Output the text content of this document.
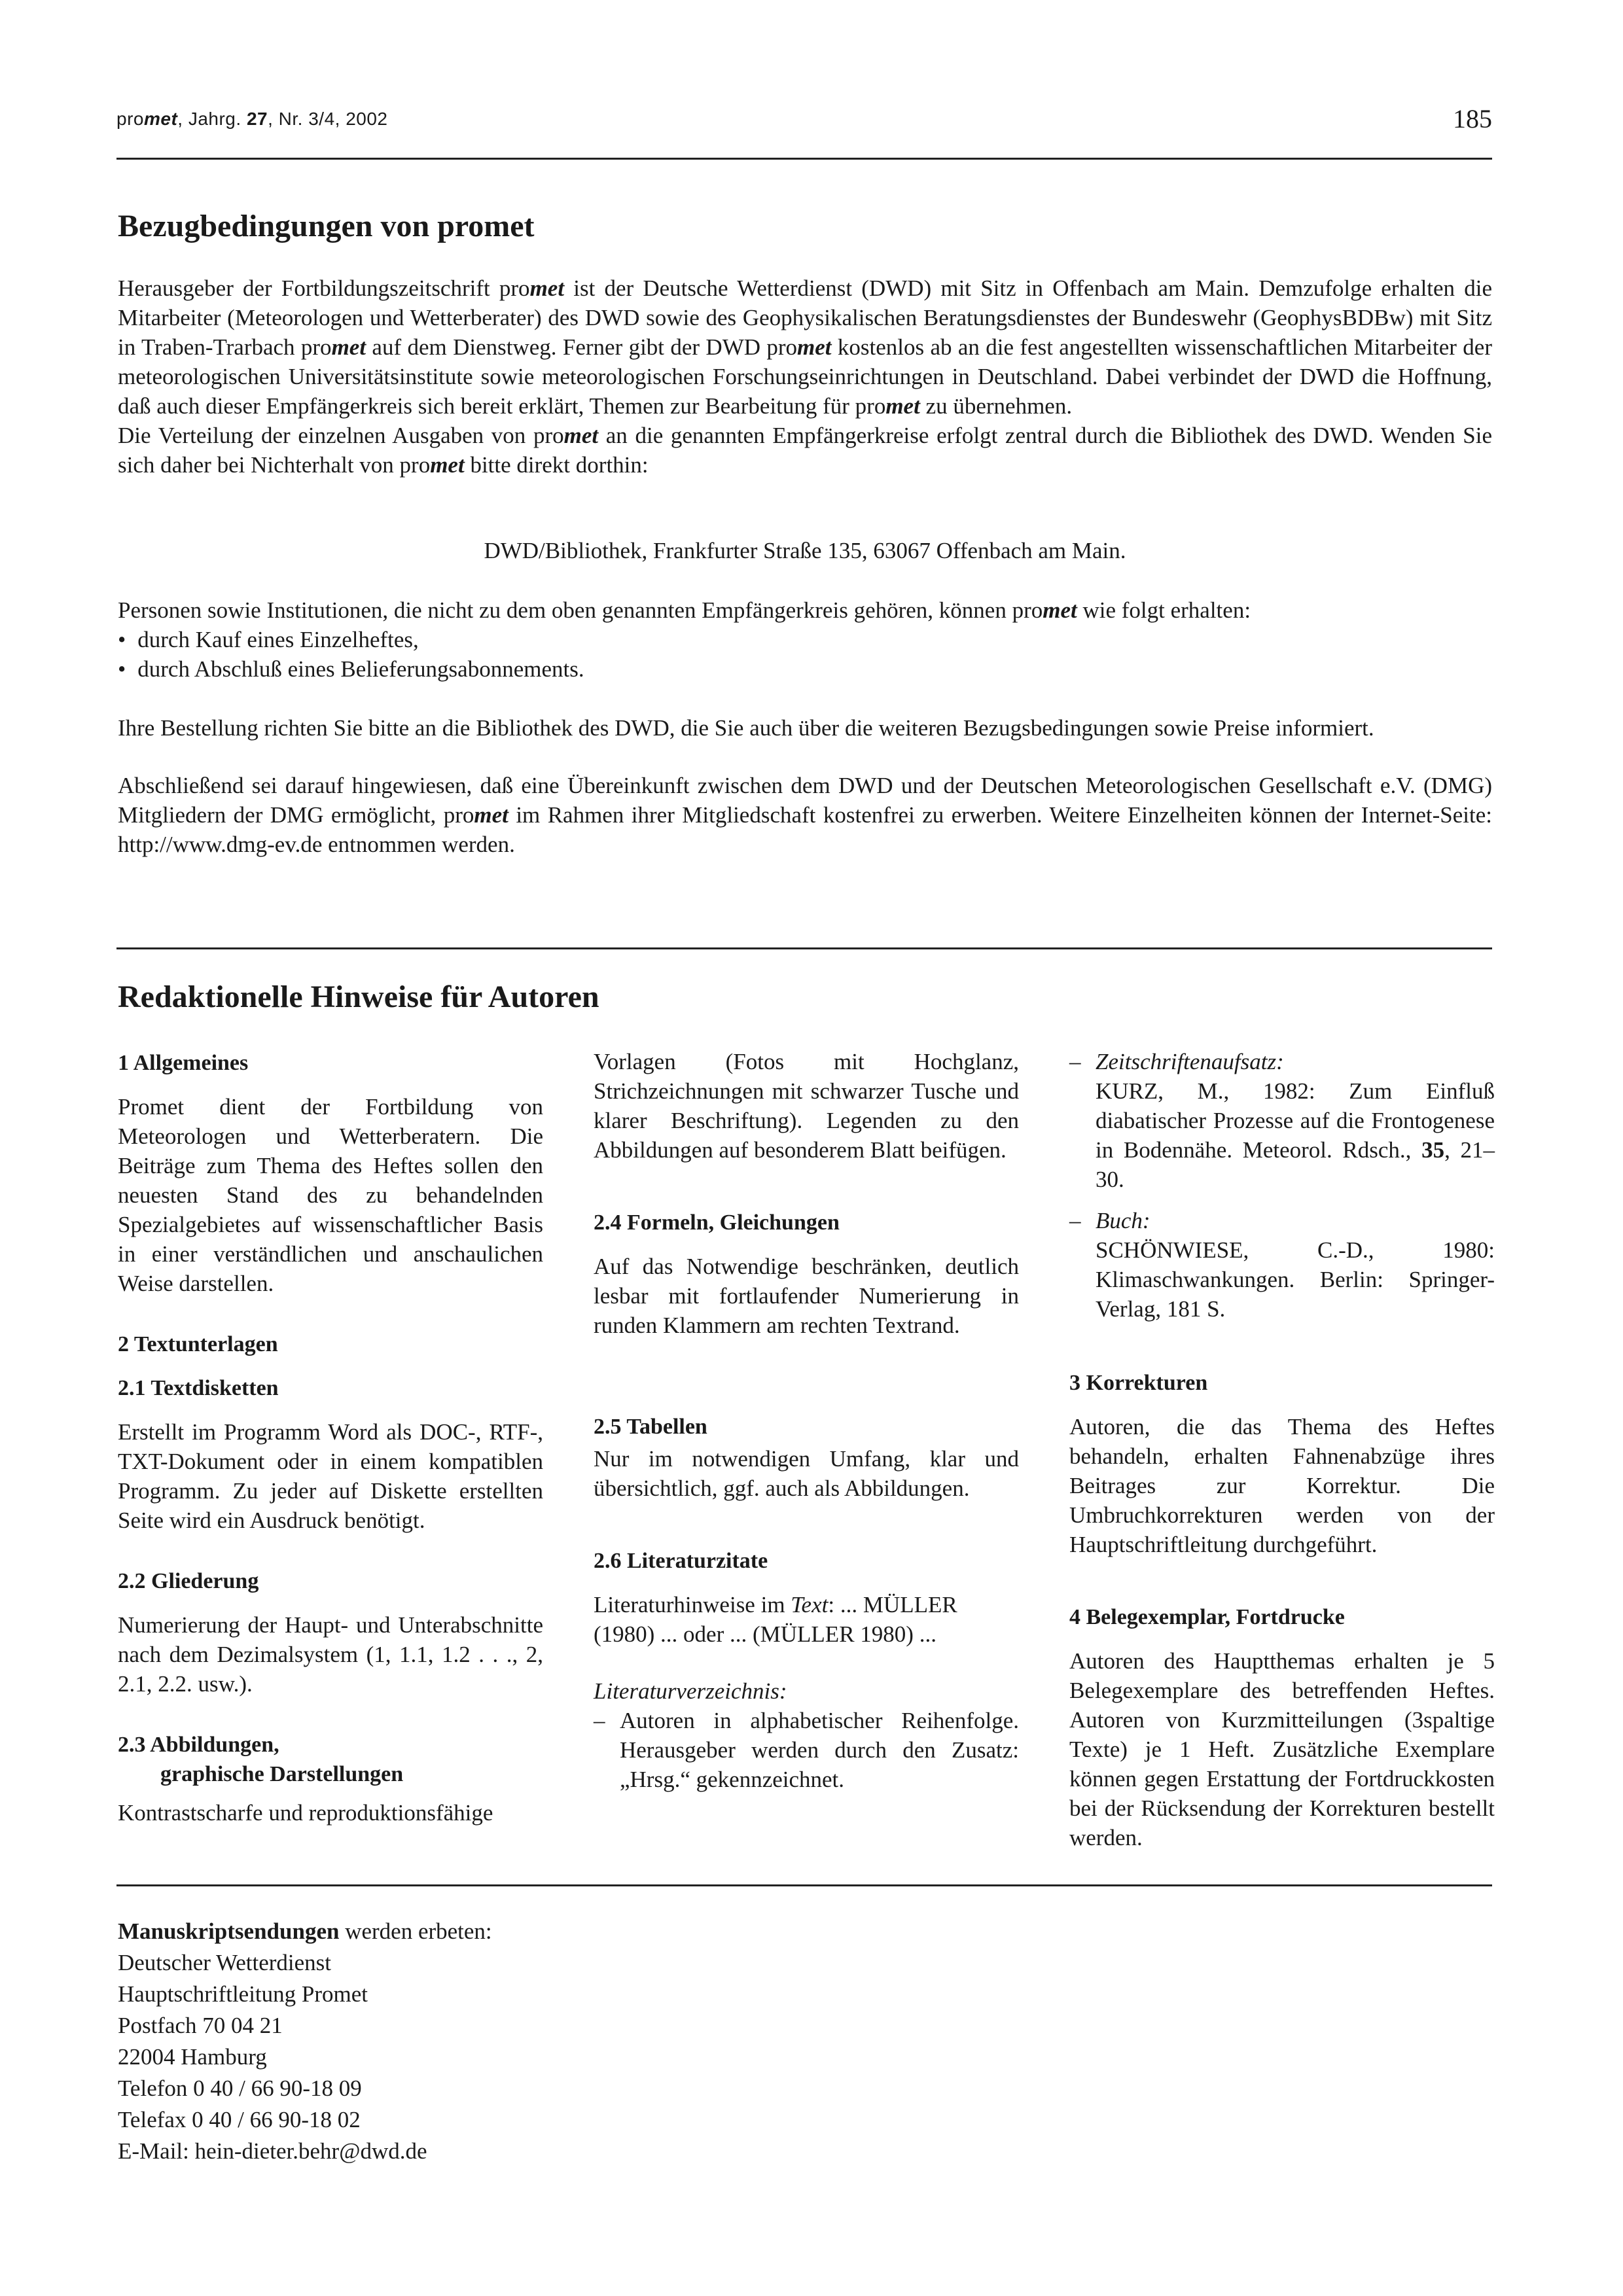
promet, Jahrg. 27, Nr. 3/4, 2002	185
Bezugbedingungen von promet

Herausgeber der Fortbildungszeitschrift promet ist der Deutsche Wetterdienst (DWD) mit Sitz in Offenbach am Main. Demzufolge erhalten die Mitarbeiter (Meteorologen und Wetterberater) des DWD sowie des Geophysikalischen Beratungsdienstes der Bundeswehr (GeophysBDBw) mit Sitz in Traben-Trarbach promet auf dem Dienstweg. Ferner gibt der DWD promet kostenlos ab an die fest angestellten wissenschaftlichen Mitarbeiter der meteorologischen Universitätsinstitute sowie meteorologischen Forschungseinrichtungen in Deutschland. Dabei verbindet der DWD die Hoffnung, daß auch dieser Empfängerkreis sich bereit erklärt, Themen zur Bearbeitung für promet zu übernehmen.
Die Verteilung der einzelnen Ausgaben von promet an die genannten Empfängerkreise erfolgt zentral durch die Bibliothek des DWD. Wenden Sie sich daher bei Nichterhalt von promet bitte direkt dorthin:

DWD/Bibliothek, Frankfurter Straße 135, 63067 Offenbach am Main.

Personen sowie Institutionen, die nicht zu dem oben genannten Empfängerkreis gehören, können promet wie folgt erhalten:

• durch Kauf eines Einzelheftes,
• durch Abschluß eines Belieferungsabonnements.

Ihre Bestellung richten Sie bitte an die Bibliothek des DWD, die Sie auch über die weiteren Bezugsbedingungen sowie Preise informiert.

Abschließend sei darauf hingewiesen, daß eine Übereinkunft zwischen dem DWD und der Deutschen Meteorologischen Gesellschaft e.V. (DMG) Mitgliedern der DMG ermöglicht, promet im Rahmen ihrer Mitgliedschaft kostenfrei zu erwerben. Weitere Einzelheiten können der Internet-Seite: http://www.dmg-ev.de entnommen werden.

Redaktionelle Hinweise für Autoren
1 Allgemeines

Promet dient der Fortbildung von Meteorologen und Wetterberatern. Die Beiträge zum Thema des Heftes sollen den neuesten Stand des zu behandelnden Spezialgebietes auf wissenschaftlicher Basis in einer verständlichen und anschaulichen Weise darstellen.

2 Textunterlagen
2.1 Textdisketten

Erstellt im Programm Word als DOC-, RTF-, TXT-Dokument oder in einem kompatiblen Programm. Zu jeder auf Diskette erstellten Seite wird ein Ausdruck benötigt.

2.2 Gliederung

Numerierung der Haupt- und Unterabschnitte nach dem Dezimalsystem (1, 1.1, 1.2 . . ., 2, 2.1, 2.2. usw.).

2.3 Abbildungen,
graphische Darstellungen

Kontrastscharfe und reproduktionsfähige

Vorlagen (Fotos mit Hochglanz, Strichzeichnungen mit schwarzer Tusche und klarer Beschriftung). Legenden zu den Abbildungen auf besonderem Blatt beifügen.

2.4 Formeln, Gleichungen

Auf das Notwendige beschränken, deutlich lesbar mit fortlaufender Numerierung in runden Klammern am rechten Textrand.

2.5 Tabellen

Nur im notwendigen Umfang, klar und übersichtlich, ggf. auch als Abbildungen.

2.6 Literaturzitate

Literaturhinweise im Text: ... MÜLLER (1980) ... oder ... (MÜLLER 1980) ...

Literaturverzeichnis:

– Autoren in alphabetischer Reihenfolge. Herausgeber werden durch den Zusatz: „Hrsg.“ gekennzeichnet.

– Zeitschriftenaufsatz:

KURZ, M., 1982: Zum Einfluß diabatischer Prozesse auf die Frontogenese in Bodennähe. Meteorol. Rdsch., 35, 21–30.

– Buch:

SCHÖNWIESE, C.-D., 1980: Klimaschwankungen. Berlin: Springer-Verlag, 181 S.

3 Korrekturen

Autoren, die das Thema des Heftes behandeln, erhalten Fahnenabzüge ihres Beitrages zur Korrektur. Die Umbruchkorrekturen werden von der Hauptschriftleitung durchgeführt.

4 Belegexemplar, Fortdrucke

Autoren des Hauptthemas erhalten je 5 Belegexemplare des betreffenden Heftes. Autoren von Kurzmitteilungen (3spaltige Texte) je 1 Heft. Zusätzliche Exemplare können gegen Erstattung der Fortdruckkosten bei der Rücksendung der Korrekturen bestellt werden.

Manuskriptsendungen werden erbeten:
Deutscher Wetterdienst
Hauptschriftleitung Promet
Postfach 70 04 21
22004 Hamburg
Telefon 0 40 / 66 90-18 09
Telefax 0 40 / 66 90-18 02
E-Mail: hein-dieter.behr@dwd.de
